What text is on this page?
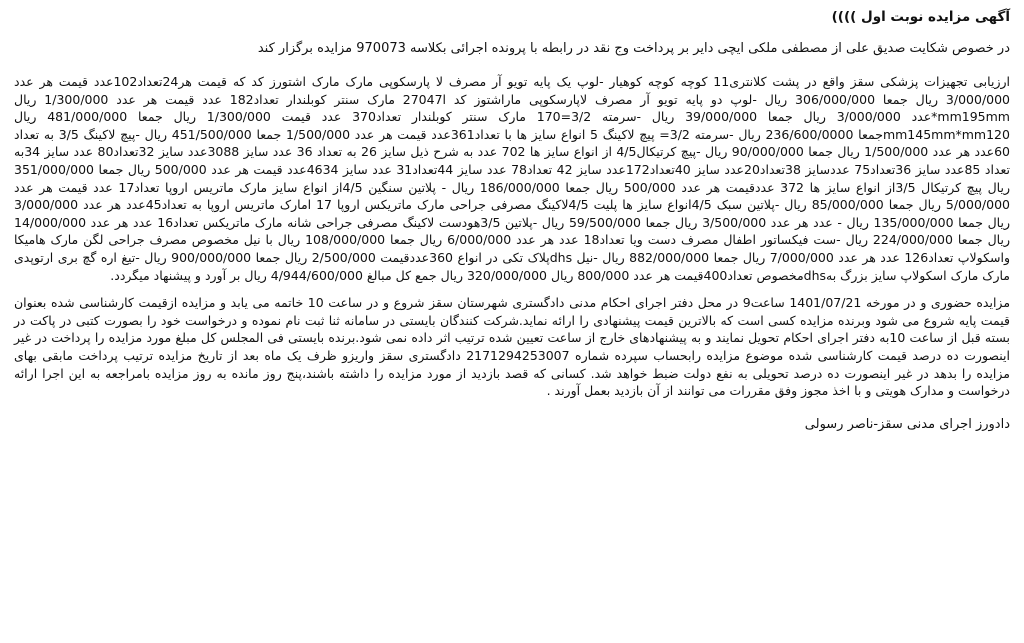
آگهی مزایده نوبت اول ))))
در خصوص شکایت صدیق علی از مصطفی ملکی ایچی دایر بر پرداخت وج نقد در رابطه با پرونده اجرائی بکلاسه 970073 مزایده برگزار کند

ارزیابی تجهیزات پزشکی سقز واقع در پشت کلانتری11 کوچه کوچه کوهیار -لوپ یک پایه تویو آر مصرف لا پارسکوپی مارک مارک اشتورز کد که قیمت هر24تعداد102عدد قیمت هر عدد 3/000/000 ریال جمعا 306/000/000 ریال -لوپ دو پایه تویو آر مصرف لاپارسکوپی ماراشتوز کد 27047l مارک سنتر کوبلندار تعداد182 عدد قیمت هر عدد 1/300/000 ریال mm195mm*عدد 3/000/000 ریال جمعا 39/000/000 ریال -سرمته 3/2=170 مارک سنتر کوبلندار تعداد370 عدد قیمت 1/300/000 ریال جمعا 481/000/000 ریال mm145mm*mm120جمعا 236/600/0000 ریال -سرمته 3/2= پیچ لاکینگ 5 انواع سایز ها با تعداد361عدد قیمت هر عدد 1/500/000 جمعا 451/500/000 ریال -پیچ لاکینگ 3/5 به تعداد 60عدد هر عدد 1/500/000 ریال جمعا 90/000/000 ریال -پیچ کرتیکال4/5 از انواع سایز ها 702 عدد به شرح ذیل سایز 26 به تعداد 36 عدد سایز 3088عدد سایز 32تعداد80 عدد سایز 34به تعداد 85عدد سایز 36تعداد75 عددسایز 38تعداد20عدد سایز 40تعداد172عدد سایز 42 تعداد78 عدد سایز 44تعداد31 عدد سایز 4634عدد قیمت هر عدد 500/000 ریال جمعا 351/000/000 ریال پیچ کرتیکال 3/5از انواع سایز ها 372 عددقیمت هر عدد 500/000 ریال جمعا 186/000/000 ریال - پلاتین سنگین 4/5از انواع سایز مارک ماتریس اروپا تعداد17 عدد قیمت هر عدد 5/000/000 ریال جمعا 85/000/000 ریال -پلاتین سبک 4/5انواع سایز ها پلیت 4/5لاکینگ مصرفی جراحی مارک ماتریکس اروپا 17 امارک ماتریس اروپا به تعداد45عدد هر عدد 3/000/000 ریال جمعا 135/000/000 ریال - عدد هر عدد 3/500/000 ریال جمعا 59/500/000 ریال -پلاتین 3/5هودست لاکینگ مصرفی جراحی شانه مارک ماتریکس تعداد16 عدد هر عدد 14/000/000 ریال جمعا 224/000/000 ریال -ست فیکساتور اطفال مصرف دست ویا تعداد18 عدد هر عدد 6/000/000 ریال جمعا 108/000/000 ریال با نیل مخصوص مصرف جراحی لگن مارک هامیکا واسکولاپ تعداد126 عدد هر عدد 7/000/000 ریال جمعا 882/000/000 ریال -نیل dhsپلاک تکی در انواع 360عددقیمت 2/500/000 ریال جمعا 900/000/000 ریال -تیغ اره گچ بری ارتوپدی مارک مارک اسکولاپ سایز بزرگ بهdhsمخصوص تعداد400قیمت هر عدد 800/000 ریال 320/000/000 ریال جمع کل مبالغ 4/944/600/000 ریال بر آورد و پیشنهاد میگردد.

مزایده حضوری و در مورخه 1401/07/21 ساعت9 در محل دفتر اجرای احکام مدنی دادگستری شهرستان سقز شروع و در ساعت 10 خاتمه می یابد و مزایده ازقیمت کارشناسی شده بعنوان قیمت پایه شروع می شود وبرنده مزایده کسی است که بالاترین قیمت پیشنهادی را ارائه نماید.شرکت کنندگان بایستی در سامانه ثنا ثبت نام نموده و درخواست خود را بصورت کتبی در پاکت در بسته قبل از ساعت 10به دفتر اجرای احکام تحویل نمایند و به پیشنهادهای خارج از ساعت تعیین شده ترتیب اثر داده نمی شود.برنده بایستی فی المجلس کل مبلغ مورد مزایده را پرداخت در غیر اینصورت ده درصد قیمت کارشناسی شده موضوع مزایده رابحساب سپرده شماره 2171294253007 دادگستری سقز واریزو ظرف یک ماه بعد از تاریخ مزایده ترتیب پرداخت مابقی بهای مزایده را بدهد در غیر اینصورت ده درصد تحویلی به نفع دولت ضبط خواهد شد. کسانی که قصد بازدید از مورد مزایده را داشته باشند،پنج روز مانده به روز مزایده بامراجعه به این اجرا ارائه درخواست و مدارک هویتی و با اخذ مجوز وفق مقررات می توانند از آن بازدید بعمل آورند .

دادورز اجرای مدنی سقز-ناصر رسولی
